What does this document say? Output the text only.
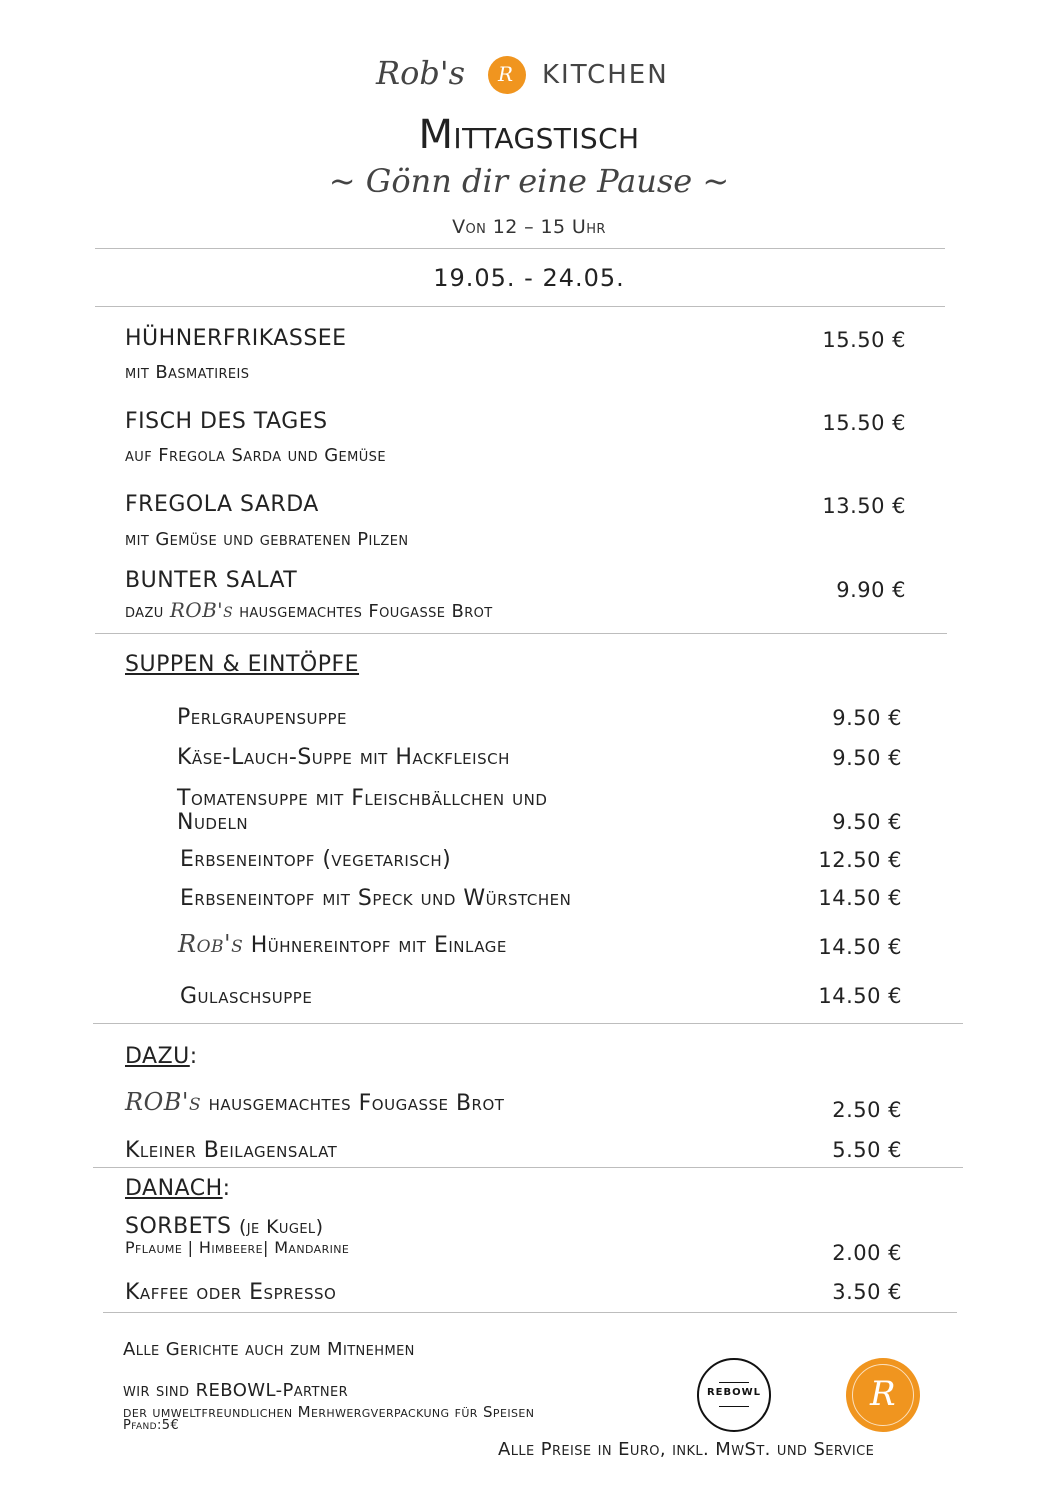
Rob's R KITCHEN
Mittagstisch
~ Gönn dir eine Pause ~
Von 12 – 15 Uhr
19.05. - 24.05.
HÜHNERFRIKASSEE
mit Basmatireis
15.50 €
FISCH DES TAGES
auf Fregola Sarda und Gemüse
15.50 €
FREGOLA SARDA
mit Gemüse und gebratenen Pilzen
13.50 €
BUNTER SALAT
dazu ROB's hausgemachtes Fougasse Brot
9.90 €
SUPPEN & EINTÖPFE
Perlgraupensuppe	9.50 €
Käse-Lauch-Suppe mit Hackfleisch	9.50 €
Tomatensuppe mit Fleischbällchen und
Nudeln	9.50 €
Erbseneintopf (vegetarisch)	12.50 €
Erbseneintopf mit Speck und Würstchen	14.50 €
Rob's Hühnereintopf mit Einlage	14.50 €
Gulaschsuppe	14.50 €
DAZU:
ROB's hausgemachtes Fougasse Brot	2.50 €
Kleiner Beilagensalat	5.50 €
DANACH:
SORBETS (je Kugel)
Pflaume | Himbeere| Mandarine	2.00 €
Kaffee oder Espresso	3.50 €
Alle Gerichte auch zum Mitnehmen
wir sind REBOWL-Partner
der umweltfreundlichen Merhwergverpackung für Speisen
Pfand:5€
REBOWL	R
Alle Preise in Euro, inkl. MwSt. und Service
